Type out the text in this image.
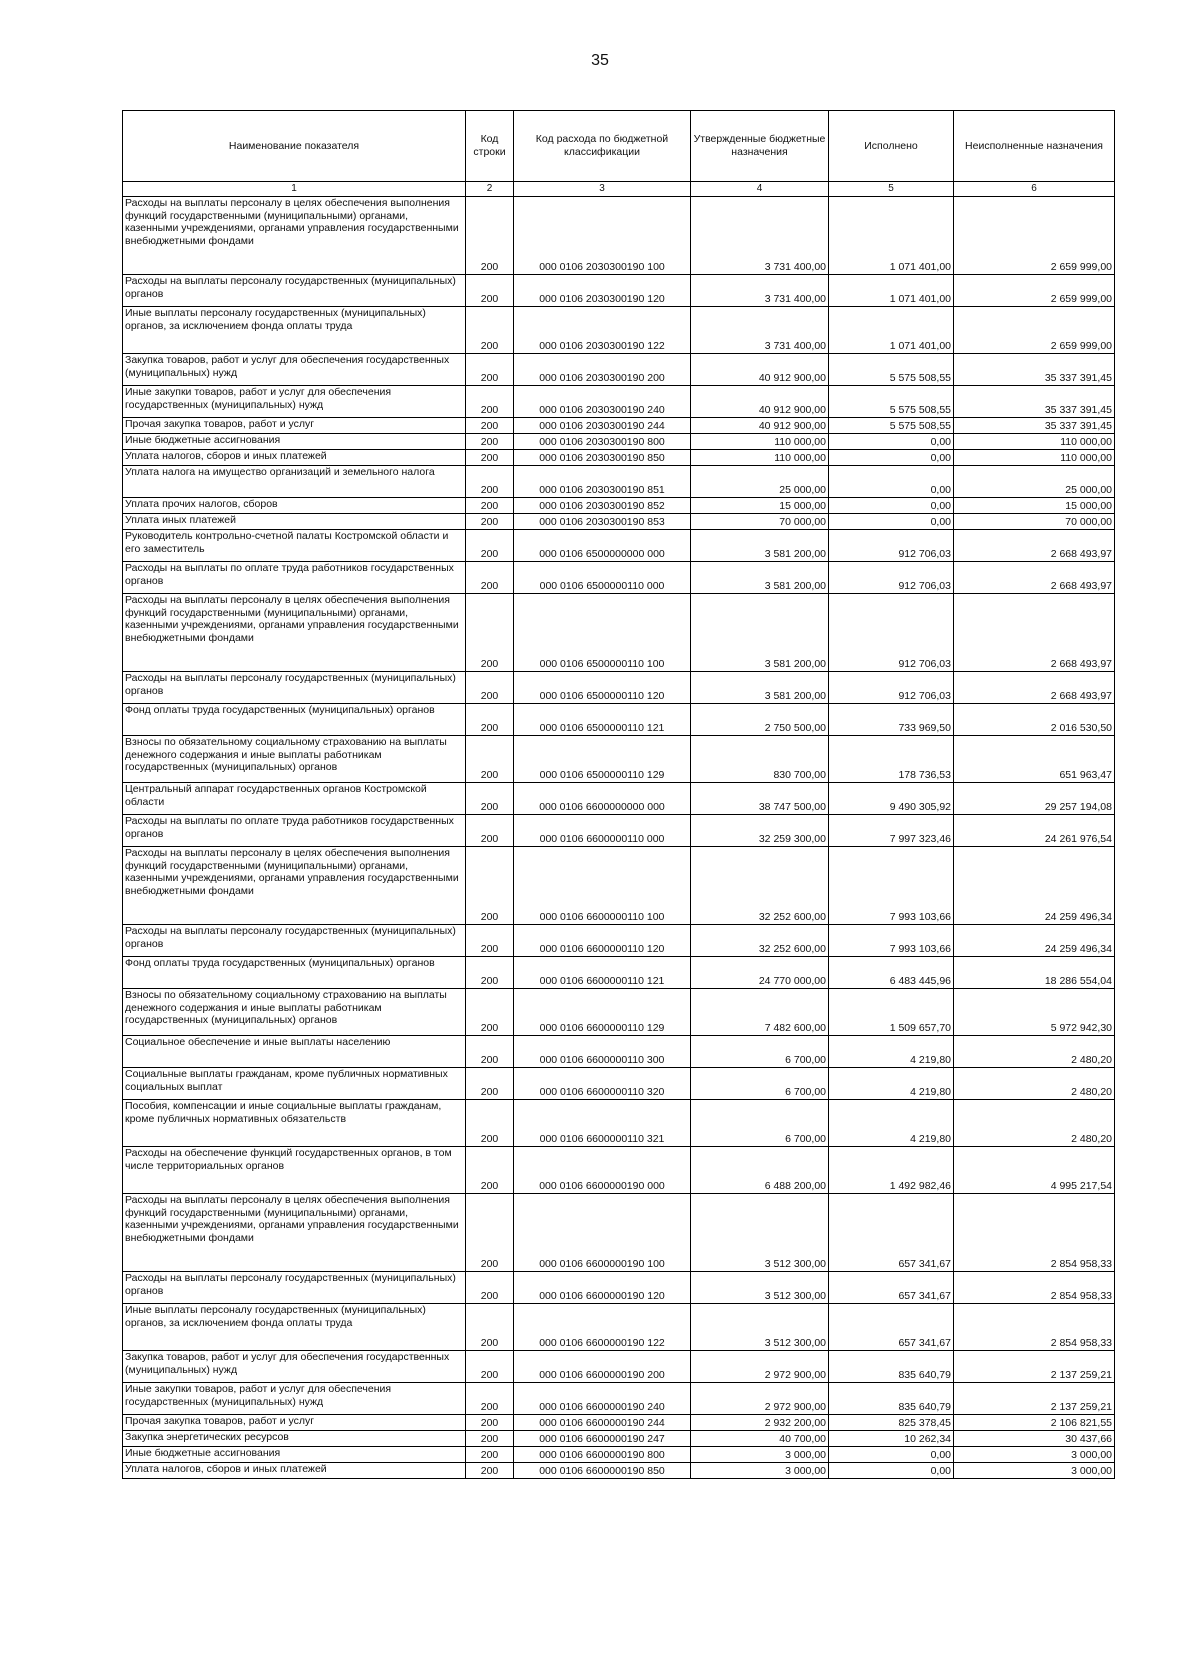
35
Наименование показателя	Код строки	Код расхода по бюджетной классификации	Утвержденные бюджетные назначения	Исполнено	Неисполненные назначения
1	2	3	4	5	6
Расходы на выплаты персоналу в целях обеспечения выполнения функций государственными (муниципальными) органами, казенными учреждениями, органами управления государственными внебюджетными фондами	200	000 0106 2030300190 100	3 731 400,00	1 071 401,00	2 659 999,00
Расходы на выплаты персоналу государственных (муниципальных) органов	200	000 0106 2030300190 120	3 731 400,00	1 071 401,00	2 659 999,00
Иные выплаты персоналу государственных (муниципальных) органов, за исключением фонда оплаты труда	200	000 0106 2030300190 122	3 731 400,00	1 071 401,00	2 659 999,00
Закупка товаров, работ и услуг для обеспечения государственных (муниципальных) нужд	200	000 0106 2030300190 200	40 912 900,00	5 575 508,55	35 337 391,45
Иные закупки товаров, работ и услуг для обеспечения государственных (муниципальных) нужд	200	000 0106 2030300190 240	40 912 900,00	5 575 508,55	35 337 391,45
Прочая закупка товаров, работ и услуг	200	000 0106 2030300190 244	40 912 900,00	5 575 508,55	35 337 391,45
Иные бюджетные ассигнования	200	000 0106 2030300190 800	110 000,00	0,00	110 000,00
Уплата налогов, сборов и иных платежей	200	000 0106 2030300190 850	110 000,00	0,00	110 000,00
Уплата налога на имущество организаций и земельного налога	200	000 0106 2030300190 851	25 000,00	0,00	25 000,00
Уплата прочих налогов, сборов	200	000 0106 2030300190 852	15 000,00	0,00	15 000,00
Уплата иных платежей	200	000 0106 2030300190 853	70 000,00	0,00	70 000,00
Руководитель контрольно-счетной палаты Костромской области и его заместитель	200	000 0106 6500000000 000	3 581 200,00	912 706,03	2 668 493,97
Расходы на выплаты по оплате труда работников государственных органов	200	000 0106 6500000110 000	3 581 200,00	912 706,03	2 668 493,97
Расходы на выплаты персоналу в целях обеспечения выполнения функций государственными (муниципальными) органами, казенными учреждениями, органами управления государственными внебюджетными фондами	200	000 0106 6500000110 100	3 581 200,00	912 706,03	2 668 493,97
Расходы на выплаты персоналу государственных (муниципальных) органов	200	000 0106 6500000110 120	3 581 200,00	912 706,03	2 668 493,97
Фонд оплаты труда государственных (муниципальных) органов	200	000 0106 6500000110 121	2 750 500,00	733 969,50	2 016 530,50
Взносы по обязательному социальному страхованию на выплаты денежного содержания и иные выплаты работникам государственных (муниципальных) органов	200	000 0106 6500000110 129	830 700,00	178 736,53	651 963,47
Центральный аппарат государственных органов Костромской области	200	000 0106 6600000000 000	38 747 500,00	9 490 305,92	29 257 194,08
Расходы на выплаты по оплате труда работников государственных органов	200	000 0106 6600000110 000	32 259 300,00	7 997 323,46	24 261 976,54
Расходы на выплаты персоналу в целях обеспечения выполнения функций государственными (муниципальными) органами, казенными учреждениями, органами управления государственными внебюджетными фондами	200	000 0106 6600000110 100	32 252 600,00	7 993 103,66	24 259 496,34
Расходы на выплаты персоналу государственных (муниципальных) органов	200	000 0106 6600000110 120	32 252 600,00	7 993 103,66	24 259 496,34
Фонд оплаты труда государственных (муниципальных) органов	200	000 0106 6600000110 121	24 770 000,00	6 483 445,96	18 286 554,04
Взносы по обязательному социальному страхованию на выплаты денежного содержания и иные выплаты работникам государственных (муниципальных) органов	200	000 0106 6600000110 129	7 482 600,00	1 509 657,70	5 972 942,30
Социальное обеспечение и иные выплаты населению	200	000 0106 6600000110 300	6 700,00	4 219,80	2 480,20
Социальные выплаты гражданам, кроме публичных нормативных социальных выплат	200	000 0106 6600000110 320	6 700,00	4 219,80	2 480,20
Пособия, компенсации и иные социальные выплаты гражданам, кроме публичных нормативных обязательств	200	000 0106 6600000110 321	6 700,00	4 219,80	2 480,20
Расходы на обеспечение функций государственных органов, в том числе территориальных органов	200	000 0106 6600000190 000	6 488 200,00	1 492 982,46	4 995 217,54
Расходы на выплаты персоналу в целях обеспечения выполнения функций государственными (муниципальными) органами, казенными учреждениями, органами управления государственными внебюджетными фондами	200	000 0106 6600000190 100	3 512 300,00	657 341,67	2 854 958,33
Расходы на выплаты персоналу государственных (муниципальных) органов	200	000 0106 6600000190 120	3 512 300,00	657 341,67	2 854 958,33
Иные выплаты персоналу государственных (муниципальных) органов, за исключением фонда оплаты труда	200	000 0106 6600000190 122	3 512 300,00	657 341,67	2 854 958,33
Закупка товаров, работ и услуг для обеспечения государственных (муниципальных) нужд	200	000 0106 6600000190 200	2 972 900,00	835 640,79	2 137 259,21
Иные закупки товаров, работ и услуг для обеспечения государственных (муниципальных) нужд	200	000 0106 6600000190 240	2 972 900,00	835 640,79	2 137 259,21
Прочая закупка товаров, работ и услуг	200	000 0106 6600000190 244	2 932 200,00	825 378,45	2 106 821,55
Закупка энергетических ресурсов	200	000 0106 6600000190 247	40 700,00	10 262,34	30 437,66
Иные бюджетные ассигнования	200	000 0106 6600000190 800	3 000,00	0,00	3 000,00
Уплата налогов, сборов и иных платежей	200	000 0106 6600000190 850	3 000,00	0,00	3 000,00
